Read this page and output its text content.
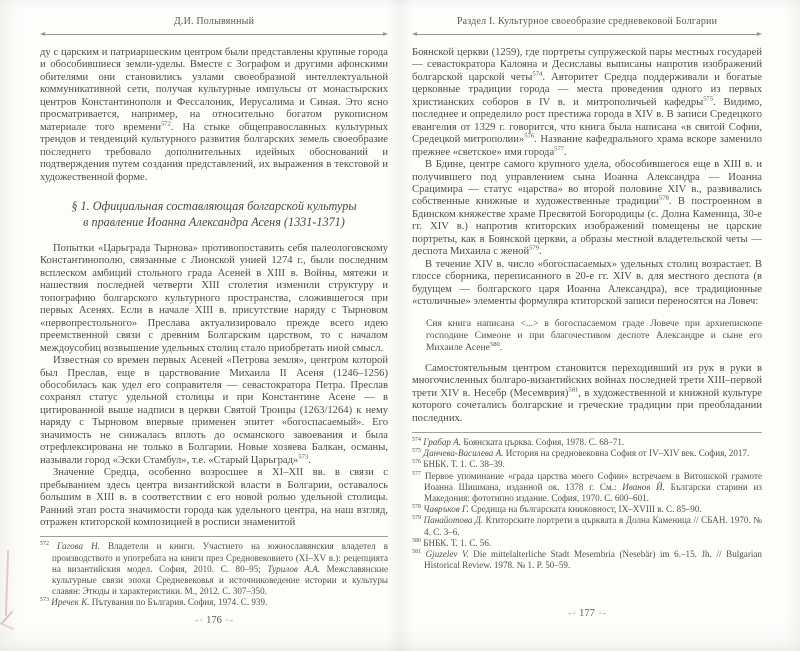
Д.И. Полывянный

ду с царским и патриаршеским центром были представлены крупные города и обособившиеся земли-уделы. Вместе с Зографом и другими афонскими обителями они становились узлами своеобразной интеллектуальной коммуникативной сети, получая культурные импульсы от монастырских центров Константинополя и Фессалоник, Иерусалима и Синая. Это ясно просматривается, например, на относительно богатом рукописном материале того времени$^{572}$. На стыке общеправославных культурных трендов и тенденций культурного развития болгарских земель своеобразие последнего требовало дополнительных идейных обоснований и подтверждения путем создания представлений, их выражения в текстовой и художественной форме.

§ 1. Официальная составляющая болгарской культуры
в правление Иоанна Александра Асеня (1331-1371)

Попытки «Царьграда Тырнова» противопоставить себя палеологовскому Константинополю, связанные с Лионской унией 1274 г., были последним всплеском амбиций стольного града Асеней в XIII в. Войны, мятежи и нашествия последней четверти XIII столетия изменили структуру и топографию болгарского культурного пространства, сложившегося при первых Асенях. Если в начале XIII в. присутствие наряду с Тырновом «первопрестольного» Преслава актуализировало прежде всего идею преемственной связи с древним Болгарским царством, то с началом междоусобиц возвышение удельных столиц стало приобретать иной смысл.

Известная со времен первых Асеней «Петрова земля», центром которой был Преслав, еще в царствование Михаила II Асеня (1246–1256) обособилась как удел его соправителя — севастократора Петра. Преслав сохранял статус удельной столицы и при Константине Асене — в цитированной выше надписи в церкви Святой Троицы (1263/1264) к нему наряду с Тырновом впервые применен эпитет «богоспасаемый». Его значимость не снижалась вплоть до османского завоевания и была отрефлексирована не только в Болгарии. Новые хозяева Балкан, османы, называли город «Эски Стамбул», т.е. «Старый Царьград»$^{573}$.

Значение Средца, особенно возросшее в XI–XII вв. в связи с пребыванием здесь центра византийской власти в Болгарии, оставалось большим в XIII в. в соответствии с его новой ролью удельной столицы. Ранний этап роста значимости города как удельного центра, на наш взгляд, отражен ктиторской композицией в росписи знаменитой

$^{572}$ Гагова Н. Владетели и книги. Участието на южнославянския владетел в производството и употребата на книги през Средновековието (XI–XV в.): рецепцията на византийския модел. София, 2010. С. 80–95; Турилов А.А. Межславянские культурные связи эпохи Средневековья и источниковедение истории и культуры славян: Этюды и характеристики. М., 2012. С. 307–350.
$^{573}$ Иречек К. Пътувания по България. София, 1974. С. 939.
–◦ 176 ◦–
Раздел I. Культурное своеобразие средневековой Болгарии

Боянской церкви (1259), где портреты супружеской пары местных государей — севастократора Калояна и Десиславы выписаны напротив изображений болгарской царской четы$^{574}$. Авторитет Средца поддерживали и богатые церковные традиции города — места проведения одного из первых христианских соборов в IV в. и митрополичьей кафедры$^{575}$. Видимо, последнее и определило рост престижа города в XIV в. В записи Средецкого евангелия от 1329 г. говорится, что книга была написана «в святой Софии, Средецкой митрополии»$^{576}$. Название кафедрального храма вскоре заменило прежнее «светское» имя города$^{577}$.

В Бдине, центре самого крупного удела, обособившегося еще в XIII в. и получившего под управлением сына Иоанна Александра — Иоанна Срацимира — статус «царства» во второй половине XIV в., развивались собственные книжные и художественные традиции$^{578}$. В построенном в Бдинском княжестве храме Пресвятой Богородицы (с. Долна Каменица, 30-е гг. XIV в.) напротив ктиторских изображений помещены не царские портреты, как в Боянской церкви, а образы местной владетельской четы — деспота Михаила с женой$^{579}$.

В течение XIV в. число «богоспасаемых» удельных столиц возрастает. В глоссе сборника, переписанного в 20-е гг. XIV в. для местного деспота (в будущем — болгарского царя Иоанна Александра), все традиционные «столичные» элементы формуляра ктиторской записи переносятся на Ловеч:

Сия книга написана <...> в богоспасаемом граде Ловече при архиепископе господине Симеоне и при благочестивом деспоте Александре и сыне его Михаиле Асене$^{580}$.

Самостоятельным центром становится переходивший из рук в руки в многочисленных болгаро-византийских войнах последней трети XIII–первой трети XIV в. Несебр (Месемврия)$^{581}$, в художественной и книжной культуре которого сочетались болгарские и греческие традиции при преобладании последних.

$^{574}$ Грабар А. Боянската църква. София, 1978. С. 68–71.
$^{575}$ Данчева-Василева А. История на средновековна София от IV–XIV век. София, 2017.
$^{576}$ БНБК. Т. 1. С. 38–39.
$^{577}$ Первое упоминание «града царства моего Софии» встречаем в Витошской грамоте Иоанна Шишмана, изданной ок. 1378 г. См.: Иванов Й. Български старини из Македония: фототипно издание. София, 1970. С. 600–601.
$^{578}$ Чавръков Г. Средища на българската книжовност, IX–XVIII в. С. 85–90.
$^{579}$ Панайотова Д. Ктиторските портрети в църквата в Долна Каменица // СБАН. 1970. № 4. С. 3–6.
$^{580}$ БНБК. Т. 1. С. 56.
$^{581}$ Gjuzelev V. Die mittelalterliche Stadt Mesembria (Nesebär) im 6.–15. Jh. // Bulgarian Historical Review. 1978. № 1. P. 50–59.
–◦ 177 ◦–
